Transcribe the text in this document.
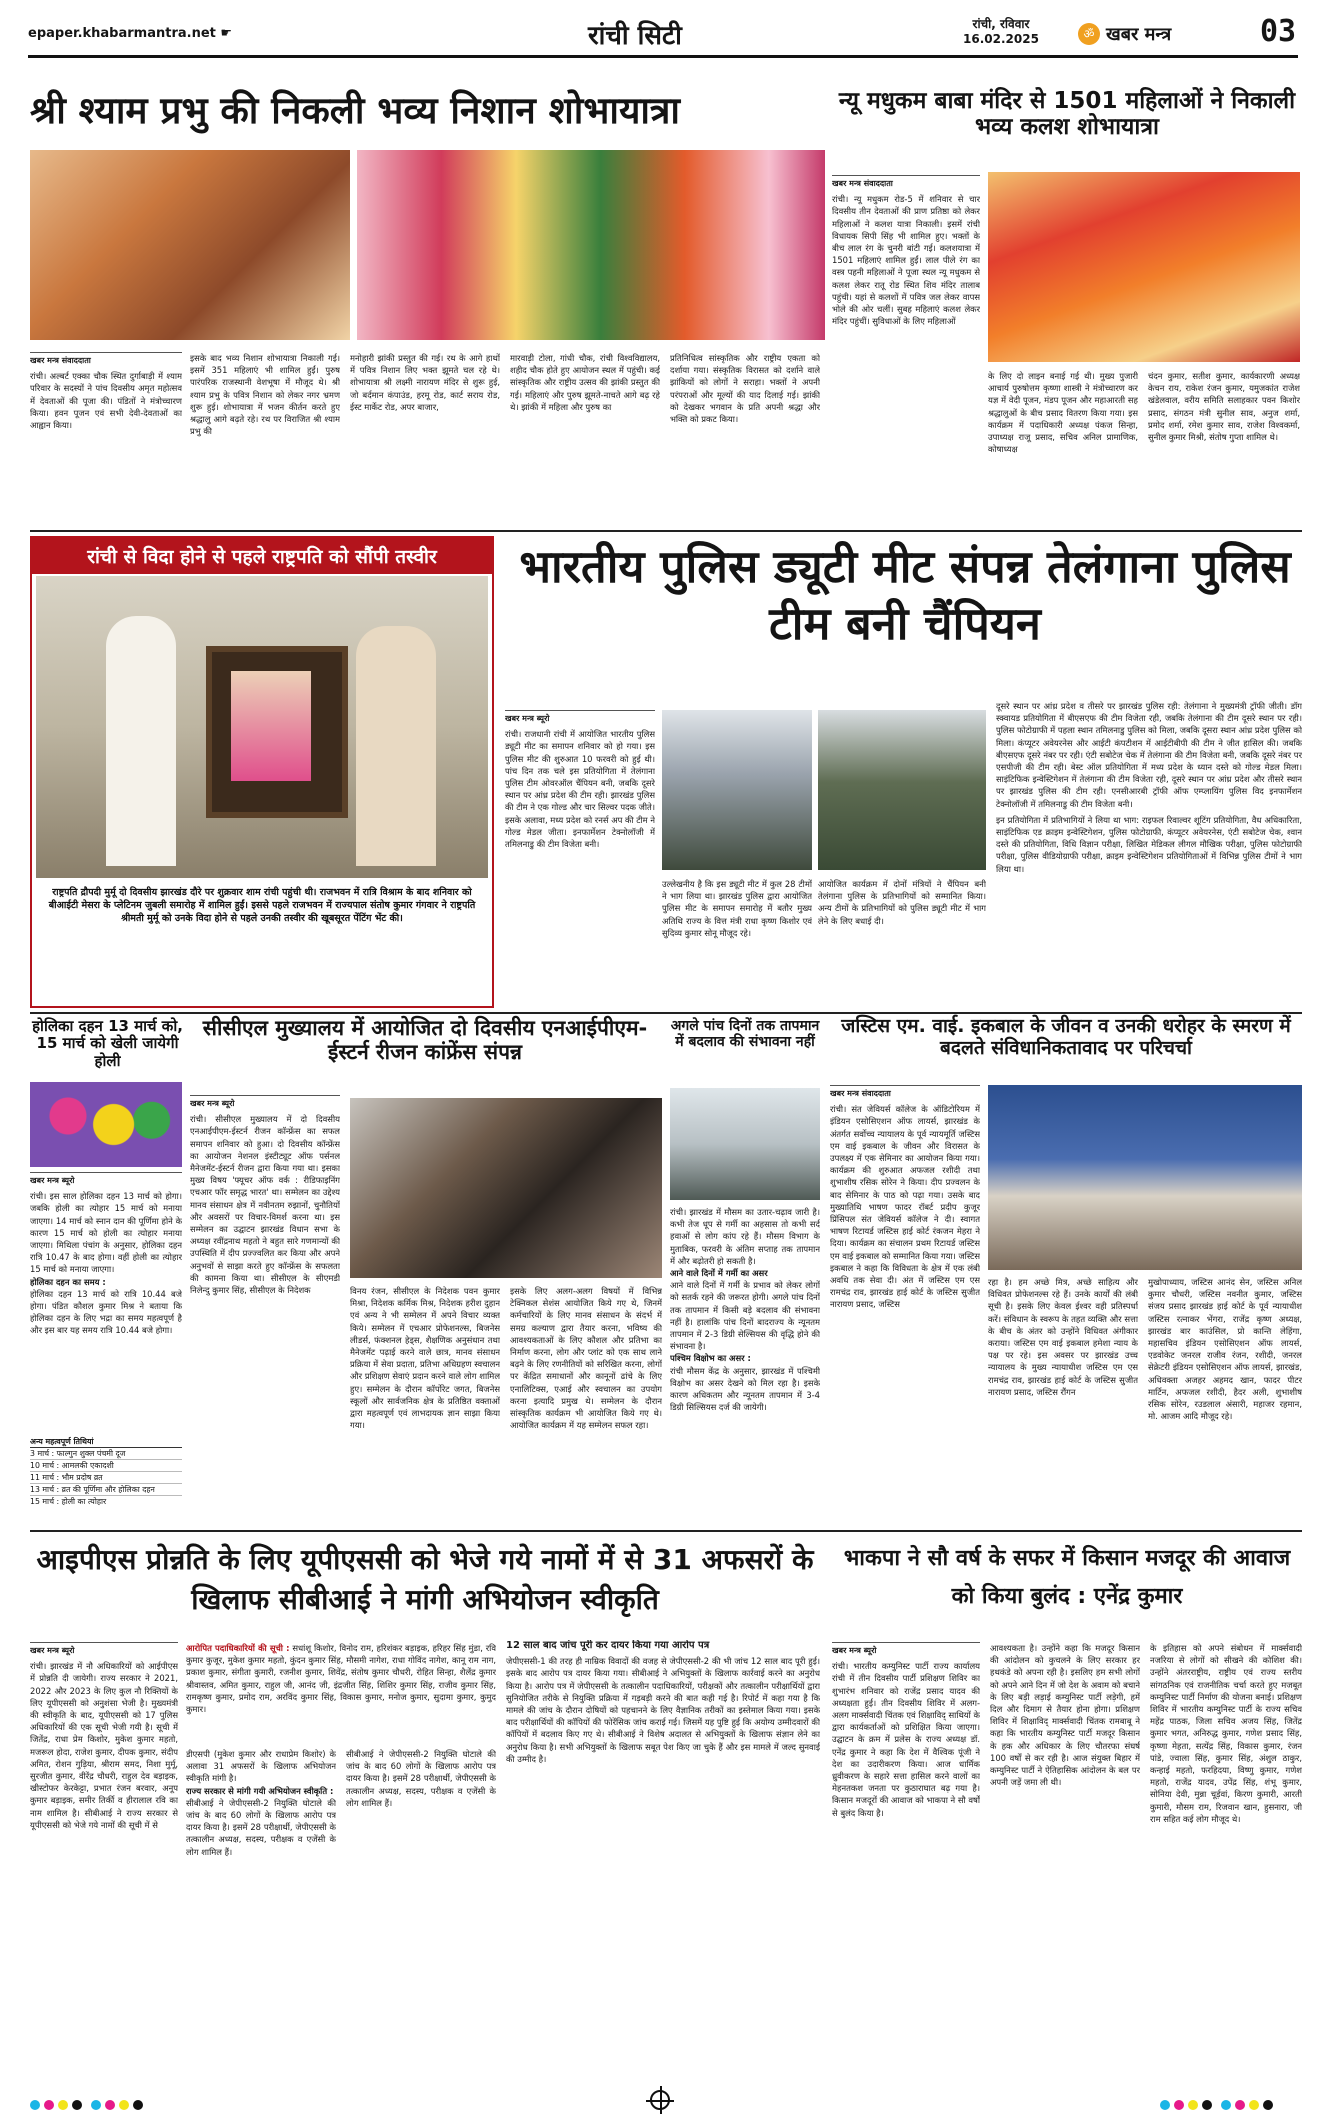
epaper.khabarmantra.net ☛	रांची सिटी	रांची, रविवार
16.02.2025	ॐ खबर मन्त्र	03
श्री श्याम प्रभु की निकली भव्य निशान शोभायात्रा
खबर मन्त्र संवाददाता
रांची। अल्बर्ट एक्का चौक स्थित दुर्गाबाड़ी में श्याम परिवार के सदस्यों ने पांच दिवसीय अमृत महोत्सव में देवताओं की पूजा की। पंडितों ने मंत्रोच्चारण किया। हवन पूजन एवं सभी देवी-देवताओं का आह्वान किया।
इसके बाद भव्य निशान शोभायात्रा निकाली गई। इसमें 351 महिलाएं भी शामिल हुईं। पुरुष पारंपरिक राजस्थानी वेशभूषा में मौजूद थे। श्री श्याम प्रभु के पवित्र निशान को लेकर नगर भ्रमण शुरू हुई। शोभायात्रा में भजन कीर्तन करते हुए श्रद्धालु आगे बढ़ते रहे। रथ पर विराजित श्री श्याम प्रभु की
मनोहारी झांकी प्रस्तुत की गई। रथ के आगे हाथों में पवित्र निशान लिए भक्त झूमते चल रहे थे। शोभायात्रा श्री लक्ष्मी नारायण मंदिर से शुरू हुई, जो बर्दमान कंपाउंड, हरमू रोड, कार्ट सराय रोड, ईस्ट मार्केट रोड, अपर बाजार,
मारवाड़ी टोला, गांधी चौक, रांची विश्वविद्यालय, शहीद चौक होते हुए आयोजन स्थल में पहुंची। कई सांस्कृतिक और राष्ट्रीय उत्सव की झांकी प्रस्तुत की गई। महिलाएं और पुरुष झूमते-नाचते आगे बढ़ रहे थे। झांकी में महिला और पुरुष का
प्रतिनिधित्व सांस्कृतिक और राष्ट्रीय एकता को दर्शाया गया। संस्कृतिक विरासत को दर्शाने वाले झांकियों को लोगों ने सराहा। भक्तों ने अपनी परंपराओं और मूल्यों की याद दिलाई गई। झांकी को देखकर भगवान के प्रति अपनी श्रद्धा और भक्ति को प्रकट किया।
न्यू मधुकम बाबा मंदिर से 1501 महिलाओं ने निकाली भव्य कलश शोभायात्रा
खबर मन्त्र संवाददाता
रांची। न्यू मधुकम रोड-5 में शनिवार से चार दिवसीय तीन देवताओं की प्राण प्रतिष्ठा को लेकर महिलाओं ने कलश यात्रा निकाली। इसमें रांची विधायक सिपी सिंह भी शामिल हुए। भक्तों के बीच लाल रंग के चुनरी बांटी गई। कलशयात्रा में 1501 महिलाएं शामिल हुईं। लाल पीले रंग का वस्त्र पहनी महिलाओं ने पूजा स्थल न्यू मधुकम से कलश लेकर रातू रोड स्थित शिव मंदिर तालाब पहुंची। यहां से कलशों में पवित्र जल लेकर वापस भोले की ओर चलीं। सुबह महिलाएं कलश लेकर मंदिर पहुंचीं। सुविधाओं के लिए महिलाओं
के लिए दो लाइन बनाई गई थी। मुख्य पुजारी आचार्य पुरुषोत्तम कृष्णा शास्त्री ने मंत्रोच्चारण कर यज्ञ में वेदी पूजन, मंडप पूजन और महाआरती सह श्रद्धालुओं के बीच प्रसाद वितरण किया गया। इस कार्यक्रम में पदाधिकारी अध्यक्ष पंकज सिन्हा, उपाध्यक्ष राजू प्रसाद, सचिव अनिल प्रामाणिक, कोषाध्यक्ष
चंदन कुमार, सतीश कुमार, कार्यकारणी अध्यक्ष केचन राय, राकेश रंजन कुमार, यमुजकांत राजेश खंडेलवाल, वरीय समिति सलाहकार पवन किशोर प्रसाद, संगठन मंत्री सुनील साव, अनुज शर्मा, प्रमोद शर्मा, रमेश कुमार साव, राजेश विश्वकर्मा, सुनील कुमार मिश्री, संतोष गुप्ता शामिल थे।
रांची से विदा होने से पहले राष्ट्रपति को सौंपी तस्वीर
राष्ट्रपति द्रौपदी मुर्मू दो दिवसीय झारखंड दौरे पर शुक्रवार शाम रांची पहुंची थी। राजभवन में रात्रि विश्राम के बाद शनिवार को बीआईटी मेसरा के प्लेटिनम जुबली समारोह में शामिल हुईं। इससे पहले राजभवन में राज्यपाल संतोष कुमार गंगवार ने राष्ट्रपति श्रीमती मुर्मू को उनके विदा होने से पहले उनकी तस्वीर की खूबसूरत पेंटिंग भेंट की।
भारतीय पुलिस ड्यूटी मीट संपन्न तेलंगाना पुलिस टीम बनी चैंपियन
खबर मन्त्र ब्यूरो
रांची। राजधानी रांची में आयोजित भारतीय पुलिस ड्यूटी मीट का समापन शनिवार को हो गया। इस पुलिस मीट की शुरुआत 10 फरवरी को हुई थी। पांच दिन तक चले इस प्रतियोगिता में तेलंगाना पुलिस टीम ओवरऑल चैंपियन बनी, जबकि दूसरे स्थान पर आंध्र प्रदेश की टीम रही। झारखंड पुलिस की टीम ने एक गोल्ड और चार सिल्वर पदक जीते। इसके अलावा, मध्य प्रदेश को रनर्स अप की टीम ने गोल्ड मेडल जीता। इनफार्मेशन टेक्नोलॉजी में तमिलनाडु की टीम विजेता बनी।
उल्लेखनीय है कि इस ड्यूटी मीट में कुल 28 टीमों ने भाग लिया था। झारखंड पुलिस द्वारा आयोजित पुलिस मीट के समापन समारोह में बतौर मुख्य अतिथि राज्य के वित्त मंत्री राधा कृष्ण किशोर एवं सुदिव्य कुमार सोनू मौजूद रहे।
आयोजित कार्यक्रम में दोनों मंत्रियों ने चैंपियन बनी तेलंगाना पुलिस के प्रतिभागियों को सम्मानित किया। अन्य टीमों के प्रतिभागियों को पुलिस ड्यूटी मीट में भाग लेने के लिए बधाई दी।
दूसरे स्थान पर आंध्र प्रदेश व तीसरे पर झारखंड पुलिस रही: तेलंगाना ने मुख्यमंत्री ट्रॉफी जीती। डॉग स्क्वायड प्रतियोगिता में बीएसएफ की टीम विजेता रही, जबकि तेलंगाना की टीम दूसरे स्थान पर रही। पुलिस फोटोग्राफी में पहला स्थान तमिलनाडु पुलिस को मिला, जबकि दूसरा स्थान आंध्र प्रदेश पुलिस को मिला। कंप्यूटर अवेयरनेस और आईटी कंपटीशन में आईटीबीपी की टीम ने जीत हासिल की। जबकि बीएसएफ दूसरे नंबर पर रही। एंटी सबोटेज चेक में तेलंगाना की टीम विजेता बनी, जबकि दूसरे नंबर पर एसपीजी की टीम रही। बेस्ट ऑल प्रतियोगिता में मध्य प्रदेश के ध्यान दस्ते को गोल्ड मेडल मिला। साइंटिफिक इन्वेस्टिगेशन में तेलंगाना की टीम विजेता रही, दूसरे स्थान पर आंध्र प्रदेश और तीसरे स्थान पर झारखंड पुलिस की टीम रही। एनसीआरबी ट्रॉफी ऑफ एम्प्लायिंग पुलिस विद इनफार्मेशन टेक्नोलॉजी में तमिलनाडु की टीम विजेता बनी।
इन प्रतियोगिता में प्रतिभागियों ने लिया था भाग: राइफल रिवाल्वर शूटिंग प्रतियोगिता, वैध अधिकारिता, साइंटिफिक एड क्राइम इन्वेस्टिगेशन, पुलिस फोटोग्राफी, कंप्यूटर अवेयरनेस, एंटी सबोटेज चेक, श्वान दस्ते की प्रतियोगिता, विधि विज्ञान परीक्षा, लिखित मेडिकल लीगल मौखिक परीक्षा, पुलिस फोटोग्राफी परीक्षा, पुलिस वीडियोग्राफी परीक्षा, क्राइम इन्वेस्टिगेशन प्रतियोगिताओं में विभिन्न पुलिस टीमों ने भाग लिया था।
होलिका दहन 13 मार्च को, 15 मार्च को खेली जायेगी होली
खबर मन्त्र ब्यूरो
रांची। इस साल होलिका दहन 13 मार्च को होगा। जबकि होली का त्योहार 15 मार्च को मनाया जाएगा। 14 मार्च को स्नान दान की पूर्णिमा होने के कारण 15 मार्च को होली का त्योहार मनाया जाएगा। मिथिला पंचांग के अनुसार, होलिका दहन रात्रि 10.47 के बाद होगा। वहीं होली का त्योहार 15 मार्च को मनाया जाएगा।
होलिका दहन का समय :
होलिका दहन 13 मार्च को रात्रि 10.44 बजे होगा। पंडित कौशल कुमार मिश्र ने बताया कि होलिका दहन के लिए भद्रा का समय महत्वपूर्ण है और इस बार यह समय रात्रि 10.44 बजे होगा।
अन्य महत्वपूर्ण तिथियां
3 मार्च : फाल्गुन शुक्ल पंचमी दूज
10 मार्च : आमलकी एकादशी
11 मार्च : भौम प्रदोष व्रत
13 मार्च : व्रत की पूर्णिमा और होलिका दहन
15 मार्च : होली का त्योहार
सीसीएल मुख्यालय में आयोजित दो दिवसीय एनआईपीएम-ईस्टर्न रीजन कांफ्रेंस संपन्न
खबर मन्त्र ब्यूरो
रांची। सीसीएल मुख्यालय में दो दिवसीय एनआईपीएम-ईस्टर्न रीजन कॉन्फ्रेंस का सफल समापन शनिवार को हुआ। दो दिवसीय कॉन्फ्रेंस का आयोजन नेशनल इंस्टीट्यूट ऑफ पर्सनल मैनेजमेंट-ईस्टर्न रीजन द्वारा किया गया था। इसका मुख्य विषय 'फ्यूचर ऑफ वर्क : रीडिफाइनिंग एचआर फॉर समृद्ध भारत' था। सम्मेलन का उद्देश्य मानव संसाधन क्षेत्र में नवीनतम रुझानों, चुनौतियों और अवसरों पर विचार-विमर्श करना था। इस सम्मेलन का उद्घाटन झारखंड विधान सभा के अध्यक्ष रवींद्रनाथ महतो ने बहुत सारे गणमान्यों की उपस्थिति में दीप प्रज्ज्वलित कर किया और अपने अनुभवों से साझा करते हुए कॉन्फ्रेंस के सफलता की कामना किया था। सीसीएल के सीएमडी निलेन्दु कुमार सिंह, सीसीएल के निदेशक	विनय रंजन, सीसीएल के निदेशक पवन कुमार मिश्रा, निदेशक कर्मिक मिश्र, निदेशक हरीश दुहान एवं अन्य ने भी सम्मेलन में अपने विचार व्यक्त किये। सम्मेलन में एचआर प्रोफेशनल्स, बिजनेस लीडर्स, फंक्शनल हेड्स, शैक्षणिक अनुसंधान तथा मैनेजमेंट पढ़ाई करने वाले छात्र, मानव संसाधन प्रक्रिया में सेवा प्रदाता, प्रतिभा अधिग्रहण स्वचालन और प्रशिक्षण सेवाएं प्रदान करने वाले लोग शामिल हुए। सम्मेलन के दौरान कॉर्पोरेट जगत, बिजनेस स्कूलों और सार्वजनिक क्षेत्र के प्रतिष्ठित वक्ताओं द्वारा महत्वपूर्ण एवं लाभदायक ज्ञान साझा किया गया।
इसके लिए अलग-अलग विषयों में विभिन्न टेक्निकल सेशंस आयोजित किये गए थे, जिनमें कर्मचारियों के लिए मानव संसाधन के संदर्भ में समग्र कल्याण द्वारा तैयार करना, भविष्य की आवश्यकताओं के लिए कौशल और प्रतिभा का निर्माण करना, लोग और प्लांट को एक साथ लाने बढ़ने के लिए रणनीतियों को सरिखित करना, लोगों पर केंद्रित समाधानों और कानूनों ढांचे के लिए एनालिटिक्स, एआई और स्वचालन का उपयोग करना इत्यादि प्रमुख थे। सम्मेलन के दौरान सांस्कृतिक कार्यक्रम भी आयोजित किये गए थे। आयोजित कार्यक्रम में यह सम्मेलन सफल रहा।
अगले पांच दिनों तक तापमान में बदलाव की संभावना नहीं
रांची। झारखंड में मौसम का उतार-चढ़ाव जारी है। कभी तेज धूप से गर्मी का अहसास तो कभी सर्द हवाओं से लोग कांप रहे हैं। मौसम विभाग के मुताबिक, फरवरी के अंतिम सप्ताह तक तापमान में और बढ़ोतरी हो सकती है।
आने वाले दिनों में गर्मी का असर
आने वाले दिनों में गर्मी के प्रभाव को लेकर लोगों को सतर्क रहने की जरूरत होगी। अगले पांच दिनों तक तापमान में किसी बड़े बदलाव की संभावना नहीं है। हालांकि पांच दिनों बादराज्य के न्यूनतम तापमान में 2-3 डिग्री सेल्सियस की वृद्धि होने की संभावना है।
पश्चिम विक्षोभ का असर :
रांची मौसम केंद्र के अनुसार, झारखंड में पश्चिमी विक्षोभ का असर देखने को मिल रहा है। इसके कारण अधिकतम और न्यूनतम तापमान में 3-4 डिग्री सिल्सियस दर्ज की जायेगी।
जस्टिस एम. वाई. इकबाल के जीवन व उनकी धरोहर के स्मरण में बदलते संविधानिकतावाद पर परिचर्चा
खबर मन्त्र संवाददाता
रांची। संत जेवियर्स कॉलेज के ऑडिटोरियम में इंडियन एसोसिएशन ऑफ लायर्स, झारखंड के अंतर्गत सर्वोच्च न्यायालय के पूर्व न्यायमूर्ति जस्टिस एम वाई इकबाल के जीवन और विरासत के उपलक्ष्य में एक सेमिनार का आयोजन किया गया। कार्यक्रम की शुरुआत अफजल रशीदी तथा शुभाशीष रसिक सोरेन ने किया। दीप प्रज्वलन के बाद सेमिनार के पाठ को पढ़ा गया। उसके बाद मुख्यातिथि भाषण फादर रॉबर्ट प्रदीप कुजूर प्रिंसिपल संत जेवियर्स कॉलेज ने दी। स्वागत भाषण रिटायर्ड जस्टिस हाई कोर्ट रंकजन मेहरा ने दिया। कार्यक्रम का संचालन प्रथम रिटायर्ड जस्टिस एम वाई इकबाल को सम्मानित किया गया। जस्टिस इकबाल ने कहा कि विविधता के क्षेत्र में एक लंबी अवधि तक सेवा दी। अंत में जस्टिस एम एस रामचंद्र राव, झारखंड हाई कोर्ट के जस्टिस सुजीत नारायण प्रसाद, जस्टिस
रहा है। हम अच्छे मित्र, अच्छे साहित्य और विधिवत प्रोफेशनल्स रहे हैं। उनके कार्यों की लंबी सूची है। इसके लिए केवल ईश्वर वही प्रतिस्पर्धा करें। संविधान के स्वरूप के तहत व्यक्ति और सत्ता के बीच के अंतर को उन्होंने विधिवत अंगीकार कराया। जस्टिस एम वाई इकबाल हमेशा न्याय के पक्ष पर रहे। इस अवसर पर झारखंड उच्च न्यायालय के मुख्य न्यायाधीश जस्टिस एम एस रामचंद्र राव, झारखंड हाई कोर्ट के जस्टिस सुजीत नारायण प्रसाद, जस्टिस रौंगन
मुखोपाध्याय, जस्टिस आनंद सेन, जस्टिस अनिल कुमार चौधरी, जस्टिस नवनीत कुमार, जस्टिस संजय प्रसाद झारखंड हाई कोर्ट के पूर्व न्यायाधीश जस्टिस रत्नाकर भेंगरा, राजेंद्र कृष्ण अध्यक्ष, झारखंड बार काउंसिल, प्रो कान्ति लेहिंगा, महासचिव इंडियन एसोसिएशन ऑफ लायर्स, एडवोकेट जनरल राजीव रंजन, रशीदी, जनरल सेक्रेटरी इंडियन एसोसिएशन ऑफ लायर्स, झारखंड, अधिवक्ता अजहर अहमद खान, फादर पीटर मार्टिन, अफजल रशीदी, हैदर अली, शुभाशीष रसिक सोरेन, रउडलाल अंसारी, महाजर रहमान, मो. आजम आदि मौजूद रहे।
आइपीएस प्रोन्नति के लिए यूपीएससी को भेजे गये नामों में से 31 अफसरों के खिलाफ सीबीआई ने मांगी अभियोजन स्वीकृति
खबर मन्त्र ब्यूरो
रांची। झारखंड में नौ अधिकारियों को आईपीएस में प्रोन्नति दी जायेगी। राज्य सरकार ने 2021, 2022 और 2023 के लिए कुल नौ रिक्तियों के लिए यूपीएससी को अनुशंसा भेजी है। मुख्यमंत्री की स्वीकृति के बाद, यूपीएससी को 17 पुलिस अधिकारियों की एक सूची भेजी गयी है। सूची में जितेंद्र, राधा प्रेम किशोर, मुकेश कुमार महतो, मजरूल होदा, राजेश कुमार, दीपक कुमार, संदीप अमित, रोशन गुड़िया, श्रीराम समद, निशा मुर्मू, सुरजीत कुमार, वीरेंद्र चौधरी, राहुल देव बड़ाइक, खीस्टोफर केरकेट्टा, प्रभात रंजन बरवार, अनूप कुमार बड़ाइक, समीर तिर्की व हीरालाल रवि का नाम शामिल है। सीबीआई ने राज्य सरकार से यूपीएससी को भेजे गये नामों की सूची में से
आरोपित पदाधिकारियों की सूची : सधांशू किशोर, विनोद राम, हरिशंकर बड़ाइक, हरिहर सिंह मुंडा, रवि कुमार कुजूर, मुकेश कुमार महतो, कुंदन कुमार सिंह, मौसमी नागेश, राधा गोविंद नागेश, कानू राम नाग, प्रकाश कुमार, संगीता कुमारी, रजनीश कुमार, शिवेंद्र, संतोष कुमार चौधरी, रोहित सिन्हा, शैलेंद्र कुमार श्रीवास्तव, अमित कुमार, राहुल जी, आनंद जी, इंद्रजीत सिंह, शिशिर कुमार सिंह, राजीव कुमार सिंह, रामकृष्ण कुमार, प्रमोद राम, अरविंद कुमार सिंह, विकास कुमार, मनोज कुमार, सुदामा कुमार, कुमुद कुमार।
डीएसपी (मुकेश कुमार और राधाप्रेम किशोर) के अलावा 31 अफसरों के खिलाफ अभियोजन स्वीकृति मांगी है।
राज्य सरकार से मांगी गयी अभियोजन स्वीकृति :
सीबीआई ने जेपीएससी-2 नियुक्ति घोटाले की जांच के बाद 60 लोगों के खिलाफ आरोप पत्र दायर किया है। इसमें 28 परीक्षार्थी, जेपीएससी के तत्कालीन अध्यक्ष, सदस्य, परीक्षक व एजेंसी के लोग शामिल हैं।
सीबीआई ने जेपीएससी-2 नियुक्ति घोटाले की जांच के बाद 60 लोगों के खिलाफ आरोप पत्र दायर किया है। इसमें 28 परीक्षार्थी, जेपीएससी के तत्कालीन अध्यक्ष, सदस्य, परीक्षक व एजेंसी के लोग शामिल हैं।
12 साल बाद जांच पूरी कर दायर किया गया आरोप पत्र
जेपीएससी-1 की तरह ही नाम्रिक विवादों की वजह से जेपीएससी-2 की भी जांच 12 साल बाद पूरी हुई। इसके बाद आरोप पत्र दायर किया गया। सीबीआई ने अभियुक्तों के खिलाफ कार्रवाई करने का अनुरोध किया है। आरोप पत्र में जेपीएससी के तत्कालीन पदाधिकारियों, परीक्षकों और तत्कालीन परीक्षार्थियों द्वारा सुनियोजित तरीके से नियुक्ति प्रक्रिया में गड़बड़ी करने की बात कही गई है। रिपोर्ट में कहा गया है कि मामले की जांच के दौरान दोषियों को पहचानने के लिए वैज्ञानिक तरीकों का इस्तेमाल किया गया। इसके बाद परीक्षार्थियों की कॉपियों की फोरेंसिक जांच कराई गई। जिसमें यह पुष्टि हुई कि अयोग्य उम्मीदवारों की कॉपियों में बदलाव किए गए थे। सीबीआई ने विशेष अदालत से अभियुक्तों के खिलाफ संज्ञान लेने का अनुरोध किया है। सभी अभियुक्तों के खिलाफ सबूत पेश किए जा चुके हैं और इस मामले में जल्द सुनवाई की उम्मीद है।
भाकपा ने सौ वर्ष के सफर में किसान मजदूर की आवाज को किया बुलंद : एनेंद्र कुमार
खबर मन्त्र ब्यूरो
रांची। भारतीय कम्युनिस्ट पार्टी राज्य कार्यालय रांची में तीन दिवसीय पार्टी प्रशिक्षण शिविर का शुभारंभ शनिवार को राजेंद्र प्रसाद यादव की अध्यक्षता हुई। तीन दिवसीय शिविर में अलग-अलग मार्क्सवादी चिंतक एवं शिक्षाविद् साथियों के द्वारा कार्यकर्ताओं को प्रशिक्षित किया जाएगा। उद्घाटन के क्रम में प्रलेस के राज्य अध्यक्ष डॉ. एनेंद्र कुमार ने कहा कि देश में वैश्विक पूंजी ने देश का उदारीकरण किया। आज धार्मिक ध्रुवीकरण के सहारे सत्ता हासिल करने वालों का मेहनतकश जनता पर कुठाराघात बढ़ गया है। किसान मजदूरों की आवाज को भाकपा ने सौ वर्षों से बुलंद किया है।
आवश्यकता है। उन्होंने कहा कि मजदूर किसान की आंदोलन को कुचलने के लिए सरकार हर हथकंडे को अपना रही है। इसलिए हम सभी लोगों को अपने आने दिन में जो देश के अवाम को बचाने के लिए बड़ी लड़ाई कम्युनिस्ट पार्टी लड़ेगी, हमें दिल और दिमाग से तैयार होना होगा। प्रशिक्षण शिविर में शिक्षाविद् मार्क्सवादी चिंतक रामबाबू ने कहा कि भारतीय कम्युनिस्ट पार्टी मजदूर किसान के हक और अधिकार के लिए चौतरफा संघर्ष 100 वर्षों से कर रही है। आज संयुक्त बिहार में कम्युनिस्ट पार्टी ने ऐतिहासिक आंदोलन के बल पर अपनी जड़ें जमा ली थी।
के इतिहास को अपने संबोधन में मार्क्सवादी नजरिया से लोगों को सीखने की कोशिश की। उन्होंने अंतरराष्ट्रीय, राष्ट्रीय एवं राज्य स्तरीय सांगठनिक एवं राजनीतिक चर्चा करते हुए मजबूत कम्युनिस्ट पार्टी निर्माण की योजना बनाई। प्रशिक्षण शिविर में भारतीय कम्युनिस्ट पार्टी के राज्य सचिव महेंद्र पाठक, जिला सचिव अजय सिंह, जितेंद्र कुमार भगत, अनिरुद्ध कुमार, गणेश प्रसाद सिंह, कृष्णा मेहता, सत्येंद्र सिंह, विकास कुमार, रंजन पांडे, ज्वाला सिंह, कुमार सिंह, अंशुल ठाकुर, कन्हाई महतो, फरहिदया, विष्णु कुमार, गणेश महतो, राजेंद्र यादव, उपेंद्र सिंह, शंभू कुमार, सोनिया देवी, मुन्ना चूर्ड़वां, किरण कुमारी, आरती कुमारी, मौसम राम, रिजवान खान, हुसनारा, जी राम सहित कई लोग मौजूद थे।
